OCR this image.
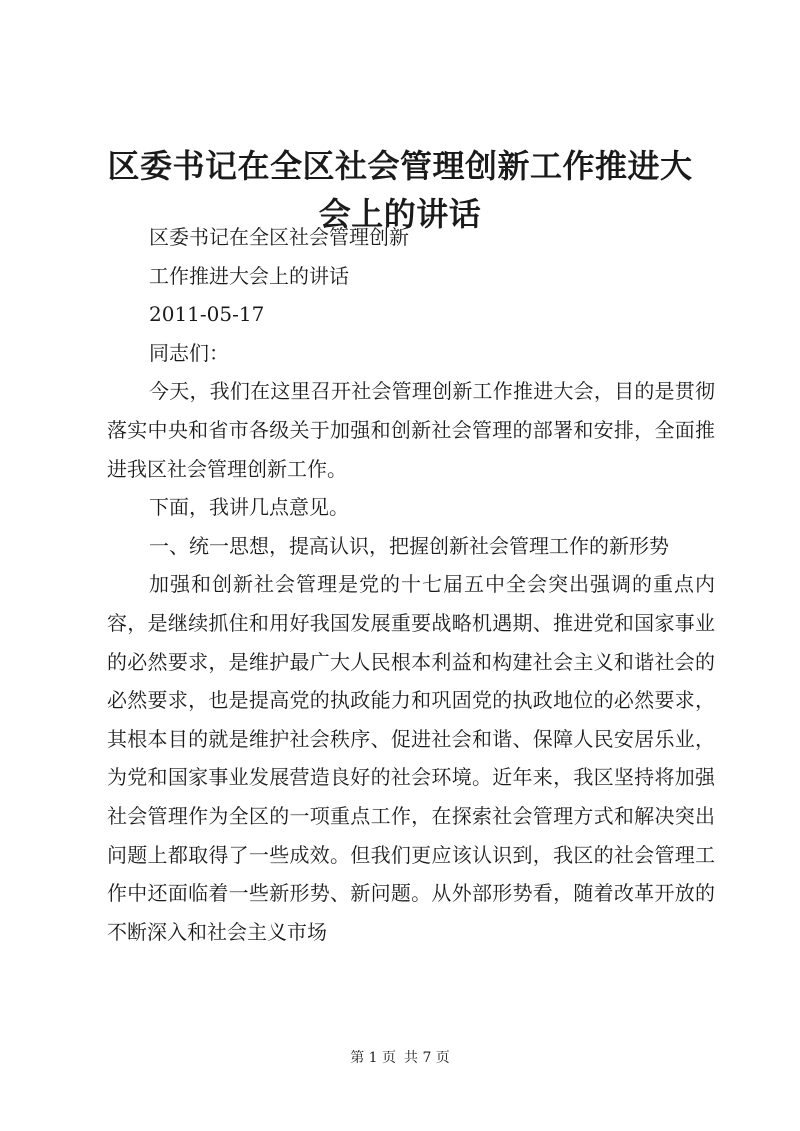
区委书记在全区社会管理创新工作推进大会上的讲话

区委书记在全区社会管理创新

工作推进大会上的讲话

2011-05-17

同志们：

今天，我们在这里召开社会管理创新工作推进大会，目的是贯彻落实中央和省市各级关于加强和创新社会管理的部署和安排，全面推进我区社会管理创新工作。

下面，我讲几点意见。

一、统一思想，提高认识，把握创新社会管理工作的新形势

加强和创新社会管理是党的十七届五中全会突出强调的重点内容，是继续抓住和用好我国发展重要战略机遇期、推进党和国家事业的必然要求，是维护最广大人民根本利益和构建社会主义和谐社会的必然要求，也是提高党的执政能力和巩固党的执政地位的必然要求，其根本目的就是维护社会秩序、促进社会和谐、保障人民安居乐业，为党和国家事业发展营造良好的社会环境。近年来，我区坚持将加强社会管理作为全区的一项重点工作，在探索社会管理方式和解决突出问题上都取得了一些成效。但我们更应该认识到，我区的社会管理工作中还面临着一些新形势、新问题。从外部形势看，随着改革开放的不断深入和社会主义市场

第 1 页 共 7 页
